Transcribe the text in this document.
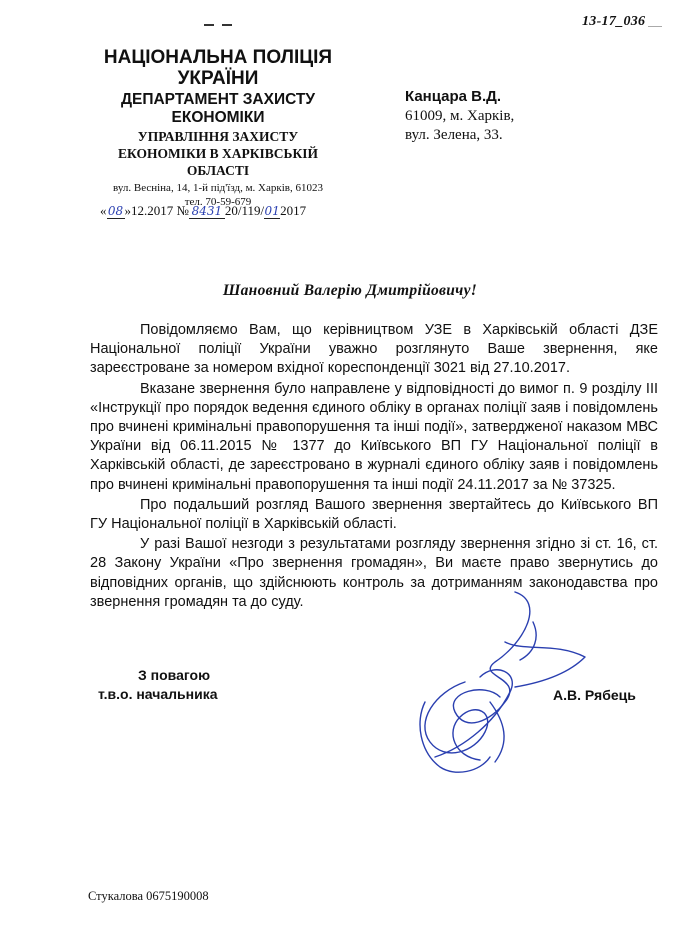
13-17_036
НАЦІОНАЛЬНА ПОЛІЦІЯ
УКРАЇНИ
ДЕПАРТАМЕНТ ЗАХИСТУ
ЕКОНОМІКИ
УПРАВЛІННЯ ЗАХИСТУ
ЕКОНОМІКИ В ХАРКІВСЬКІЙ
ОБЛАСТІ
вул. Весніна, 14, 1-й під'їзд, м. Харків, 61023
тел. 70-59-679
«08»12.2017 № 8431 20/119/012017
Канцара В.Д.
61009, м. Харків,
вул. Зелена, 33.
Шановний Валерію Дмитрійовичу!

Повідомляємо Вам, що керівництвом УЗЕ в Харківській області ДЗЕ Національної поліції України уважно розглянуто Ваше звернення, яке зареєстроване за номером вхідної кореспонденції 3021 від 27.10.2017.

Вказане звернення було направлене у відповідності до вимог п. 9 розділу ІІІ «Інструкції про порядок ведення єдиного обліку в органах поліції заяв і повідомлень про вчинені кримінальні правопорушення та інші події», затвердженої наказом МВС України від 06.11.2015 № 1377 до Київського ВП ГУ Національної поліції в Харківській області, де зареєстровано в журналі єдиного обліку заяв і повідомлень про вчинені кримінальні правопорушення та інші події 24.11.2017 за № 37325.

Про подальший розгляд Вашого звернення звертайтесь до Київського ВП ГУ Національної поліції в Харківській області.

У разі Вашої незгоди з результатами розгляду звернення згідно зі ст. 16, ст. 28 Закону України «Про звернення громадян», Ви маєте право звернутись до відповідних органів, що здійснюють контроль за дотриманням законодавства про звернення громадян та до суду.

З повагою
т.в.о. начальника	А.В. Рябець
Стукалова 0675190008
